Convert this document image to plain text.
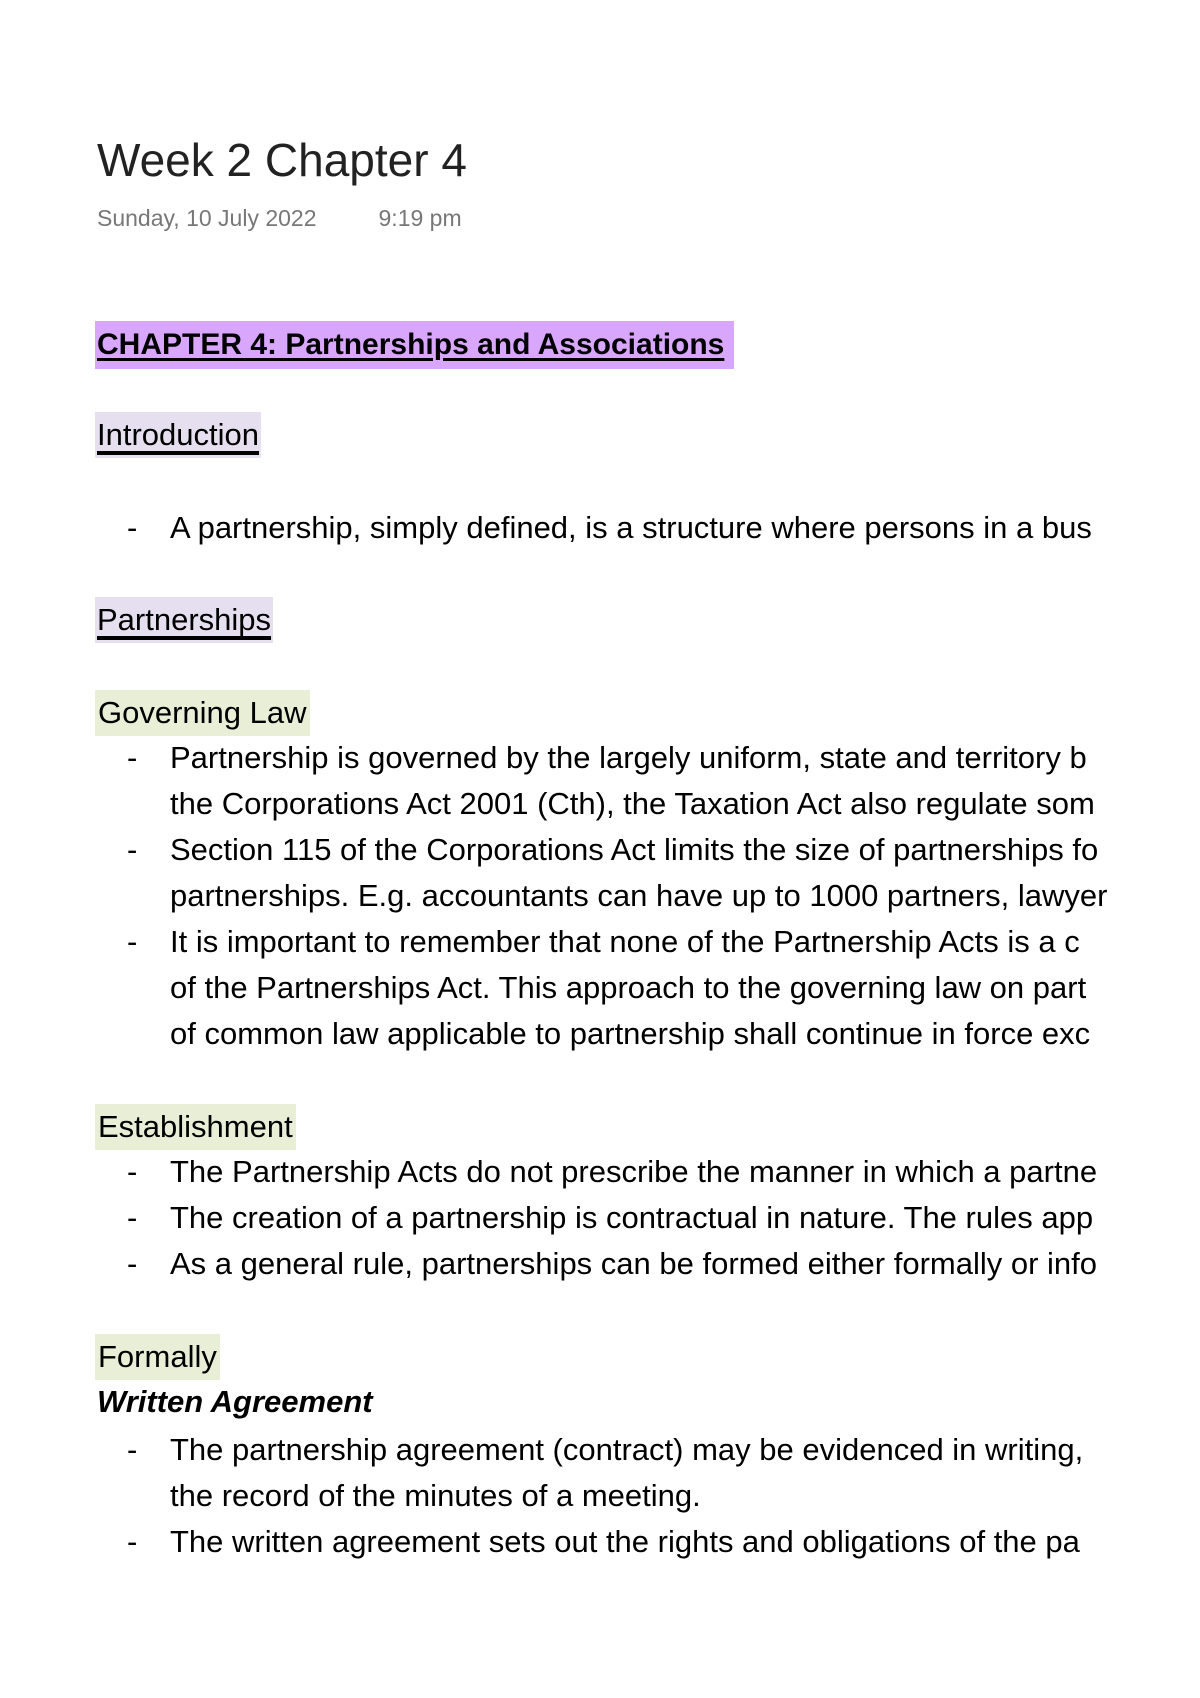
Week 2 Chapter 4
Sunday, 10 July 2022	9:19 pm
CHAPTER 4: Partnerships and Associations
Introduction
- A partnership, simply defined, is a structure where persons in a bus
Partnerships
Governing Law
- Partnership is governed by the largely uniform, state and territory b
the Corporations Act 2001 (Cth), the Taxation Act also regulate som
- Section 115 of the Corporations Act limits the size of partnerships fo
partnerships. E.g. accountants can have up to 1000 partners, lawyer
- It is important to remember that none of the Partnership Acts is a c
of the Partnerships Act. This approach to the governing law on part
of common law applicable to partnership shall continue in force exc
Establishment
- The Partnership Acts do not prescribe the manner in which a partne
- The creation of a partnership is contractual in nature. The rules app
- As a general rule, partnerships can be formed either formally or info
Formally
Written Agreement
- The partnership agreement (contract) may be evidenced in writing,
the record of the minutes of a meeting.
- The written agreement sets out the rights and obligations of the pa
